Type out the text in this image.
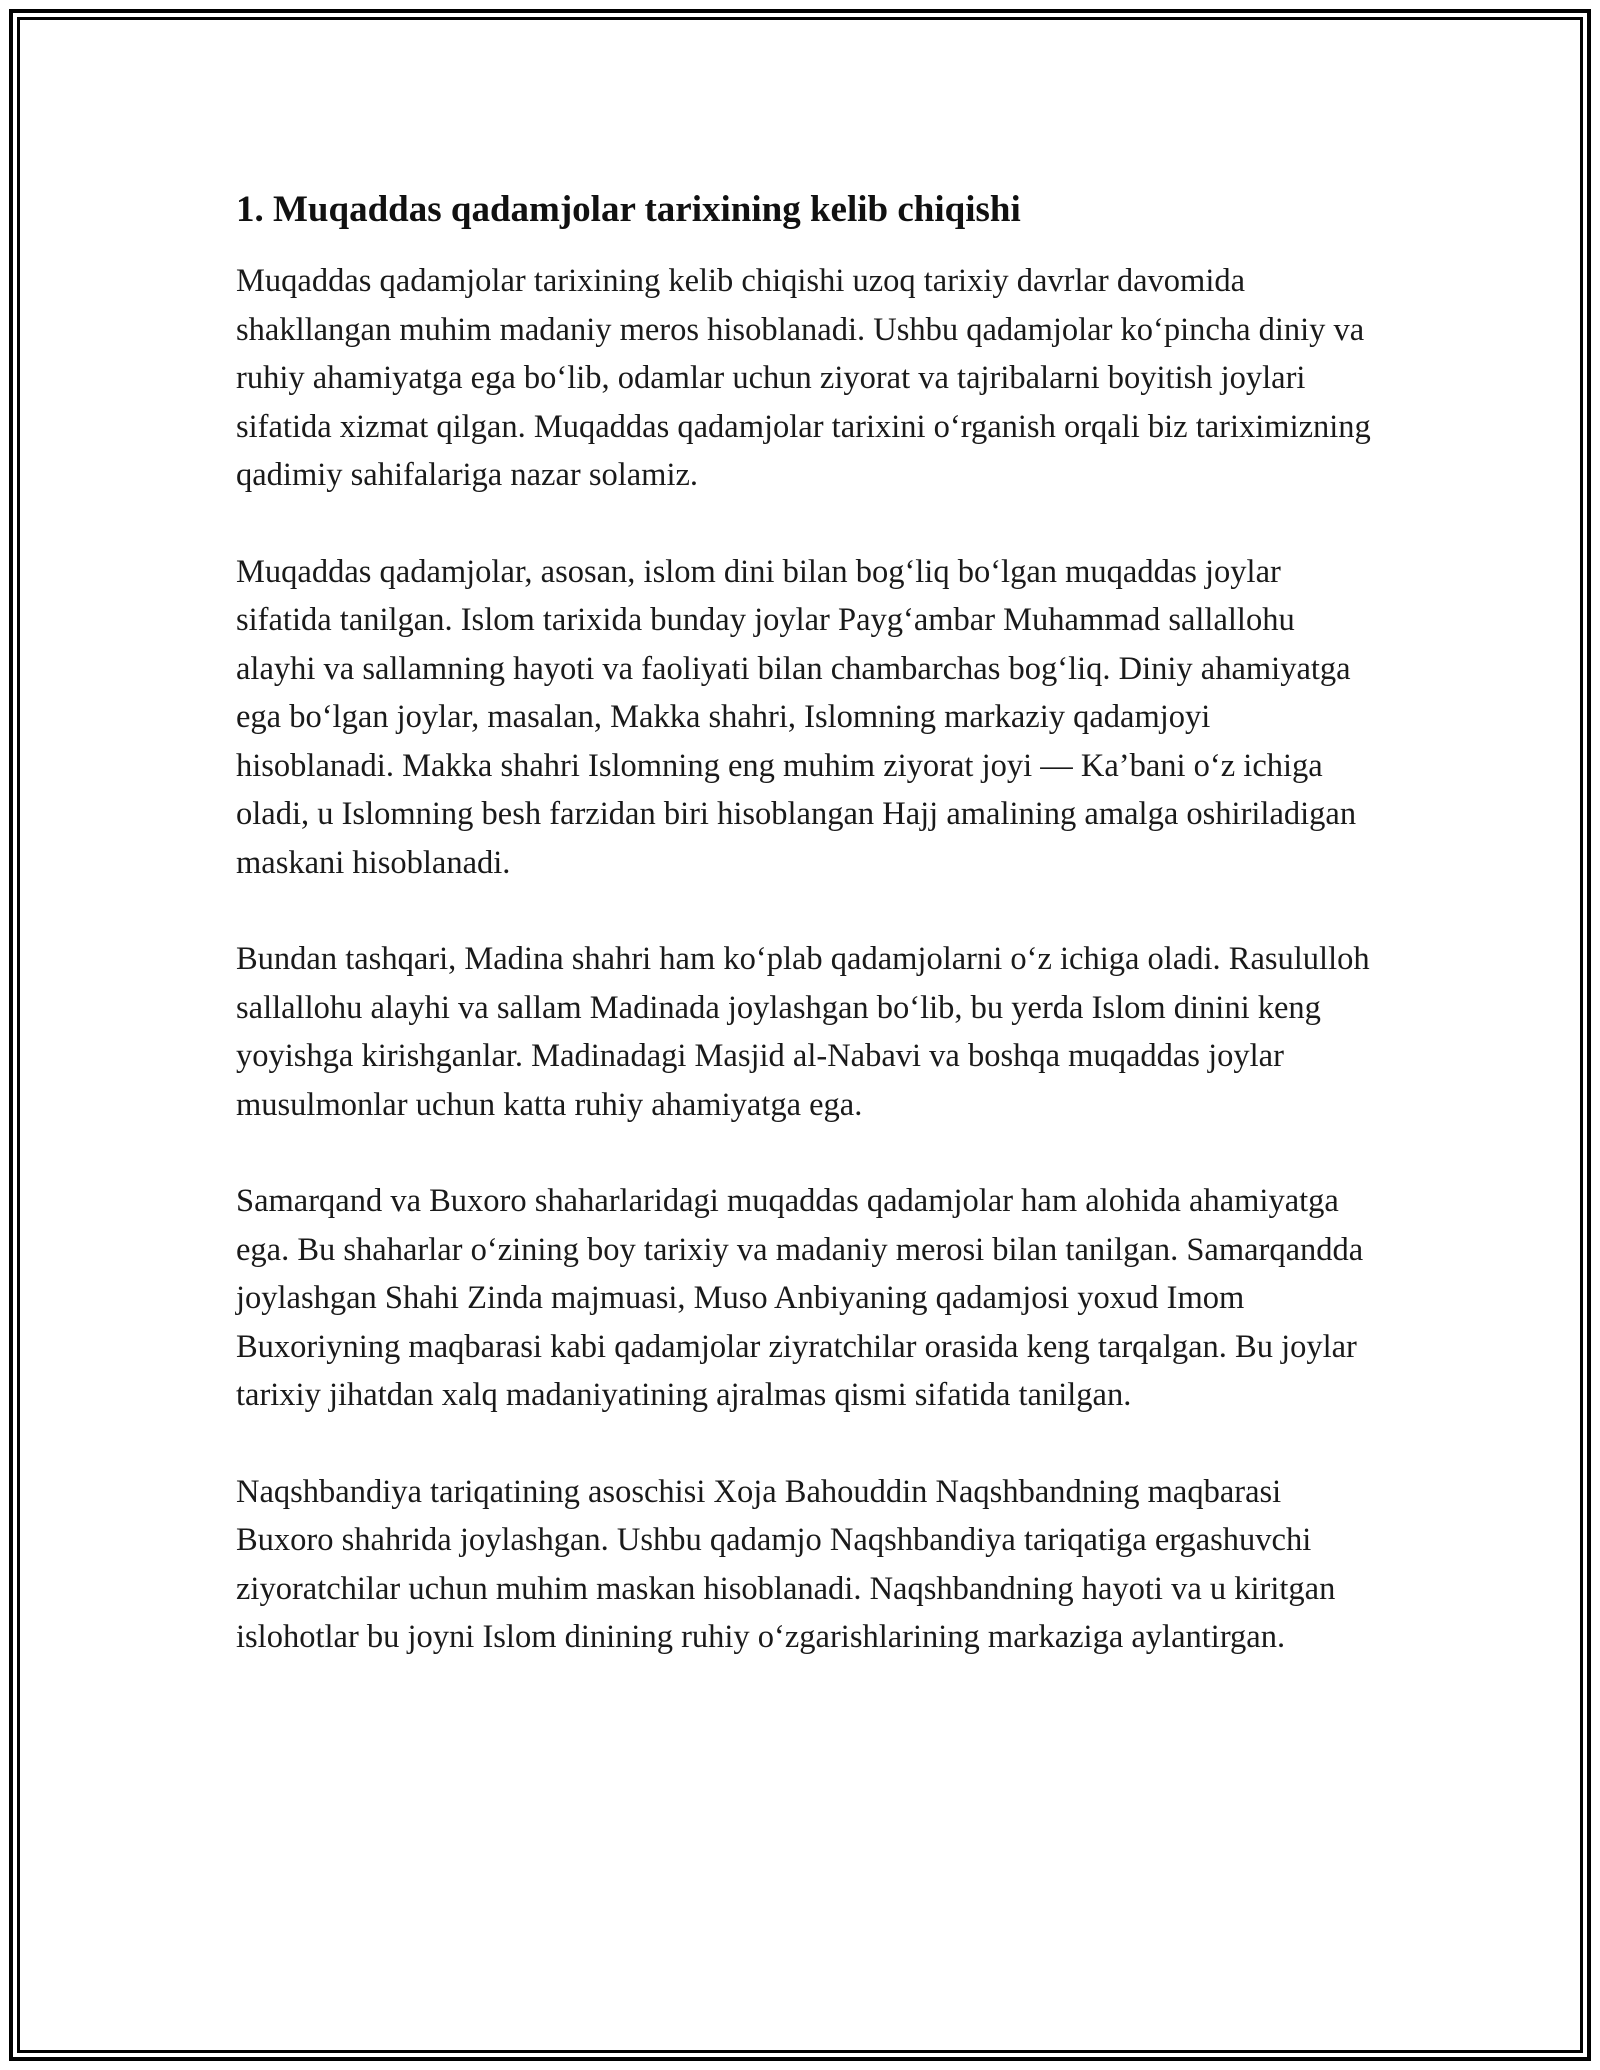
1. Muqaddas qadamjolar tarixining kelib chiqishi

Muqaddas qadamjolar tarixining kelib chiqishi uzoq tarixiy davrlar davomida shakllangan muhim madaniy meros hisoblanadi. Ushbu qadamjolar ko‘pincha diniy va ruhiy ahamiyatga ega bo‘lib, odamlar uchun ziyorat va tajribalarni boyitish joylari sifatida xizmat qilgan. Muqaddas qadamjolar tarixini o‘rganish orqali biz tariximizning qadimiy sahifalariga nazar solamiz.

Muqaddas qadamjolar, asosan, islom dini bilan bog‘liq bo‘lgan muqaddas joylar sifatida tanilgan. Islom tarixida bunday joylar Payg‘ambar Muhammad sallallohu alayhi va sallamning hayoti va faoliyati bilan chambarchas bog‘liq. Diniy ahamiyatga ega bo‘lgan joylar, masalan, Makka shahri, Islomning markaziy qadamjoyi hisoblanadi. Makka shahri Islomning eng muhim ziyorat joyi — Ka’bani o‘z ichiga oladi, u Islomning besh farzidan biri hisoblangan Hajj amalining amalga oshiriladigan maskani hisoblanadi.

Bundan tashqari, Madina shahri ham ko‘plab qadamjolarni o‘z ichiga oladi. Rasululloh sallallohu alayhi va sallam Madinada joylashgan bo‘lib, bu yerda Islom dinini keng yoyishga kirishganlar. Madinadagi Masjid al-Nabavi va boshqa muqaddas joylar musulmonlar uchun katta ruhiy ahamiyatga ega.

Samarqand va Buxoro shaharlaridagi muqaddas qadamjolar ham alohida ahamiyatga ega. Bu shaharlar o‘zining boy tarixiy va madaniy merosi bilan tanilgan. Samarqandda joylashgan Shahi Zinda majmuasi, Muso Anbiyaning qadamjosi yoxud Imom Buxoriyning maqbarasi kabi qadamjolar ziyratchilar orasida keng tarqalgan. Bu joylar tarixiy jihatdan xalq madaniyatining ajralmas qismi sifatida tanilgan.

Naqshbandiya tariqatining asoschisi Xoja Bahouddin Naqshbandning maqbarasi Buxoro shahrida joylashgan. Ushbu qadamjo Naqshbandiya tariqatiga ergashuvchi ziyoratchilar uchun muhim maskan hisoblanadi. Naqshbandning hayoti va u kiritgan islohotlar bu joyni Islom dinining ruhiy o‘zgarishlarining markaziga aylantirgan.
